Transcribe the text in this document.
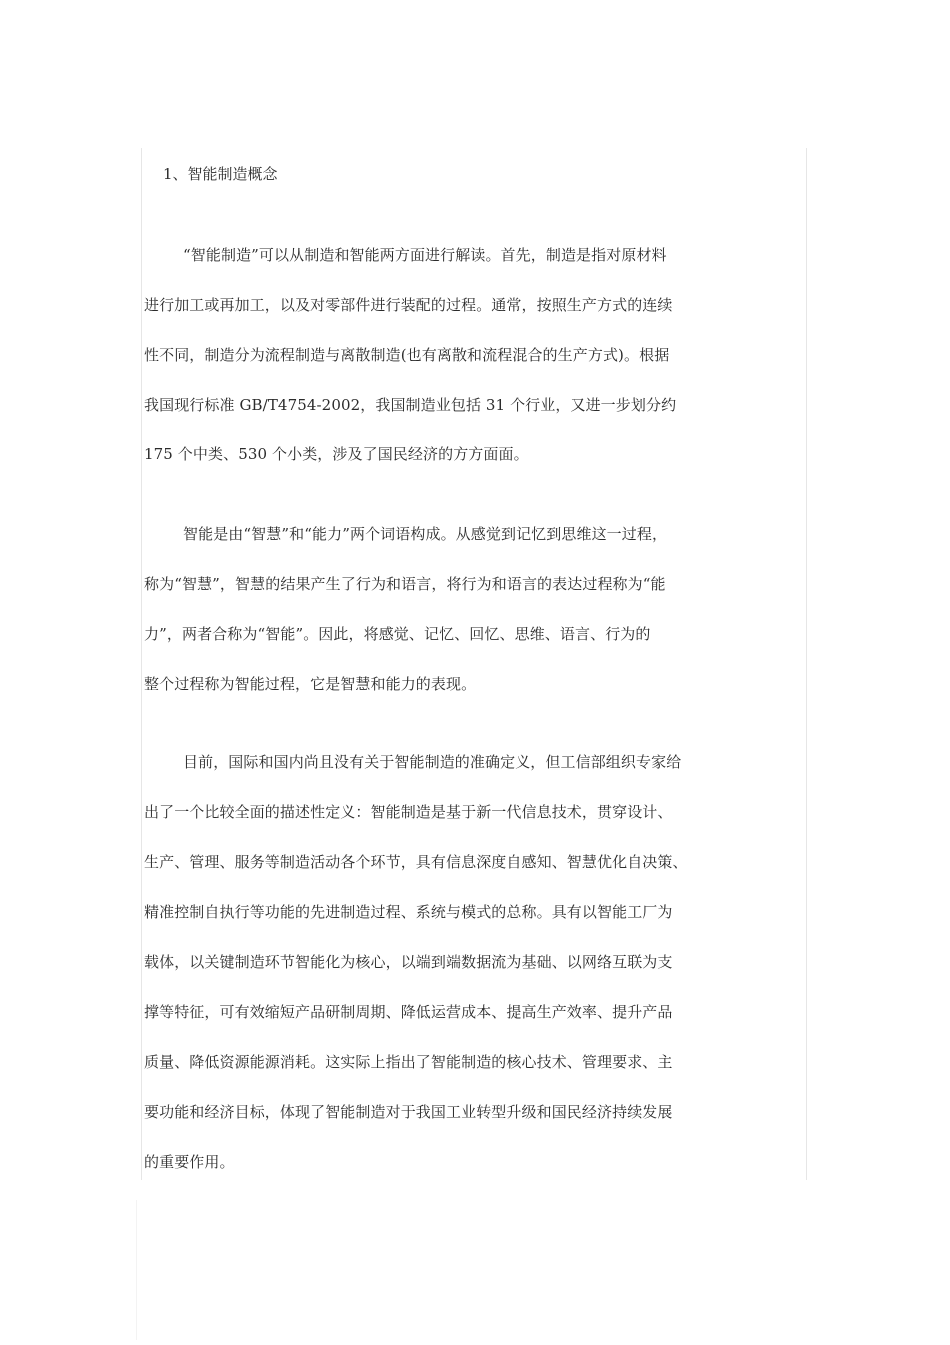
1、智能制造概念
“智能制造”可以从制造和智能两方面进行解读。首先，制造是指对原材料
进行加工或再加工，以及对零部件进行装配的过程。通常，按照生产方式的连续
性不同，制造分为流程制造与离散制造(也有离散和流程混合的生产方式)。根据
我国现行标准 GB/T4754-2002，我国制造业包括 31 个行业，又进一步划分约
175 个中类、530 个小类，涉及了国民经济的方方面面。
智能是由“智慧”和“能力”两个词语构成。从感觉到记忆到思维这一过程，
称为“智慧”，智慧的结果产生了行为和语言，将行为和语言的表达过程称为“能
力”，两者合称为“智能”。因此，将感觉、记忆、回忆、思维、语言、行为的
整个过程称为智能过程，它是智慧和能力的表现。
目前，国际和国内尚且没有关于智能制造的准确定义，但工信部组织专家给
出了一个比较全面的描述性定义：智能制造是基于新一代信息技术，贯穿设计、
生产、管理、服务等制造活动各个环节，具有信息深度自感知、智慧优化自决策、
精准控制自执行等功能的先进制造过程、系统与模式的总称。具有以智能工厂为
载体，以关键制造环节智能化为核心，以端到端数据流为基础、以网络互联为支
撑等特征，可有效缩短产品研制周期、降低运营成本、提高生产效率、提升产品
质量、降低资源能源消耗。这实际上指出了智能制造的核心技术、管理要求、主
要功能和经济目标，体现了智能制造对于我国工业转型升级和国民经济持续发展
的重要作用。
